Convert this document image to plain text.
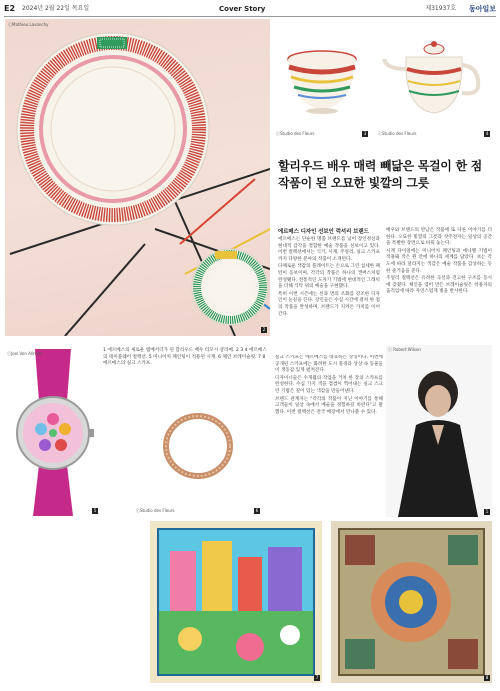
E2 2024년 2월 22일 목요일	Cover Story	제31937호 동아일보
ⓒMathieu Lavanchy
2
ⓒStudio des Fleurs	3	ⓒStudio des Fleurs	4
할리우드 배우 매력 빼닮은 목걸이 한 점 작품이 된 오묘한 빛깔의 그릇
에르메스 디자인 선보인 럭셔리 브랜드

에르메스는 단순한 명품 브랜드를 넘어 장인정신과 현대적 감각을 결합한 예술 작품을 선보이고 있다. 이번 컬렉션에서는 식기, 시계, 주얼리, 실크 스카프까지 다양한 분야의 작품이 소개된다.

다채로운 색감의 플레이트는 손으로 그린 섬세한 패턴이 돋보이며, 각각의 작품은 하나의 캔버스처럼 완성됐다. 전통적인 도자기 기법에 현대적인 그래픽을 더해 식탁 위의 예술을 구현했다.

특히 이번 시즌에는 선과 면의 조화를 강조한 디자인이 눈길을 끈다. 장인들은 수십 시간에 걸쳐 한 점의 작품을 완성하며, 브랜드가 지켜온 가치를 이어간다.

배우와 브랜드의 만남은 작품에 또 다른 이야기를 더한다. 오묘한 빛깔의 그릇과 찻주전자는 일상의 공간을 특별한 장면으로 바꿔 놓는다.

시계 다이얼에는 미니어처 페인팅과 에나멜 기법이 적용돼 작은 원 안에 하나의 세계를 담았다. 보는 각도에 따라 달라지는 색감은 예술 작품을 감상하는 듯한 즐거움을 준다.

주얼리 컬렉션은 유려한 곡선과 견고한 구조를 동시에 갖췄다. 체인을 엮어 만든 브레이슬릿은 착용자의 움직임에 따라 자연스럽게 빛을 반사한다.

실크 스카프는 에르메스를 대표하는 상징이다. 이번에 공개된 스카프에는 화려한 도시 풍경과 상상 속 동물들이 생동감 있게 펼쳐진다.

디자이너들은 수개월의 작업을 거쳐 한 장의 스카프를 완성한다. 수십 가지 색을 겹겹이 찍어내는 실크 스크린 기법은 깊이 있는 색감을 만들어낸다.

브랜드 관계자는 "각각의 작품이 지닌 이야기를 통해 고객들이 일상 속에서 예술을 경험하길 바란다"고 말했다. 이번 컬렉션은 전국 매장에서 만나볼 수 있다.

ⓒJoel Von Allmen
5
1 에르메스의 새로운 앰배서더가 된 할리우드 배우 티모시 샬라메. 2 3 4 에르메스의 테이블웨어 컬렉션. 5 미니어처 페인팅이 적용된 시계. 6 체인 브레이슬릿. 7 8 에르메스의 실크 스카프.
ⓒStudio des Fleurs	6
ⓒ Robert Wilson
1
7	8
